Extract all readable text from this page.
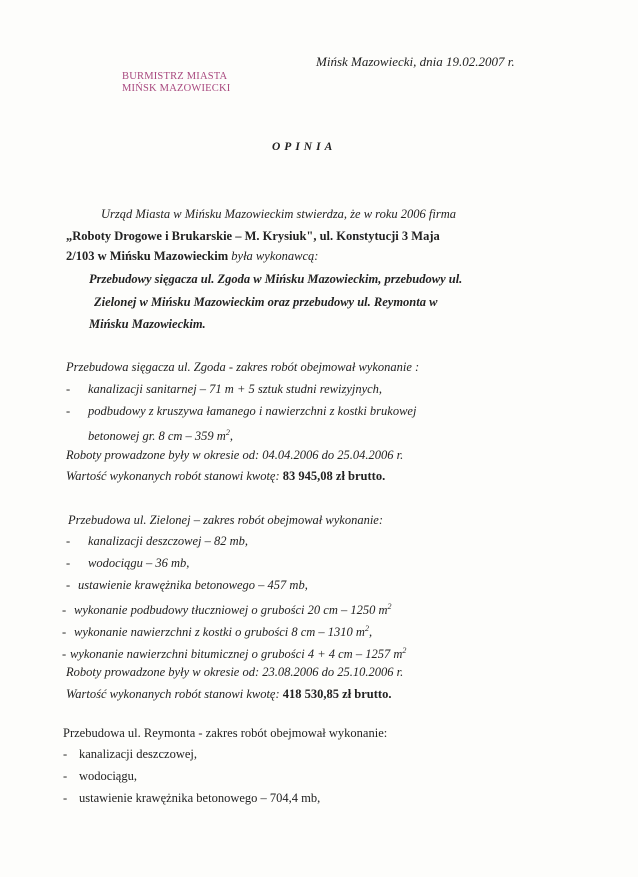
BURMISTRZ MIASTA
MIŃSK MAZOWIECKI
Mińsk Mazowiecki, dnia 19.02.2007 r.
OPINIA
Urząd Miasta w Mińsku Mazowieckim stwierdza, że w roku 2006 firma
„Roboty Drogowe i Brukarskie – M. Krysiuk", ul. Konstytucji 3 Maja
2/103 w Mińsku Mazowieckim była wykonawcą:
Przebudowy sięgacza ul. Zgoda w Mińsku Mazowieckim, przebudowy ul.
Zielonej w Mińsku Mazowieckim oraz przebudowy ul. Reymonta w
Mińsku Mazowieckim.
Przebudowa sięgacza ul. Zgoda - zakres robót obejmował wykonanie :
- kanalizacji sanitarnej – 71 m + 5 sztuk studni rewizyjnych,
- podbudowy z kruszywa łamanego i nawierzchni z kostki brukowej
betonowej gr. 8 cm – 359 $m^2$,
Roboty prowadzone były w okresie od: 04.04.2006 do 25.04.2006 r.
Wartość wykonanych robót stanowi kwotę: 83 945,08 zł brutto.
Przebudowa ul. Zielonej – zakres robót obejmował wykonanie:
- kanalizacji deszczowej – 82 mb,
- wodociągu – 36 mb,
- ustawienie krawężnika betonowego – 457 mb,
- wykonanie podbudowy tłuczniowej o grubości 20 cm – 1250 $m^2$
- wykonanie nawierzchni z kostki o grubości 8 cm – 1310 $m^2$,
- wykonanie nawierzchni bitumicznej o grubości 4 + 4 cm – 1257 $m^2$
Roboty prowadzone były w okresie od: 23.08.2006 do 25.10.2006 r.
Wartość wykonanych robót stanowi kwotę: 418 530,85 zł brutto.
Przebudowa ul. Reymonta - zakres robót obejmował wykonanie:
- kanalizacji deszczowej,
- wodociągu,
- ustawienie krawężnika betonowego – 704,4 mb,
